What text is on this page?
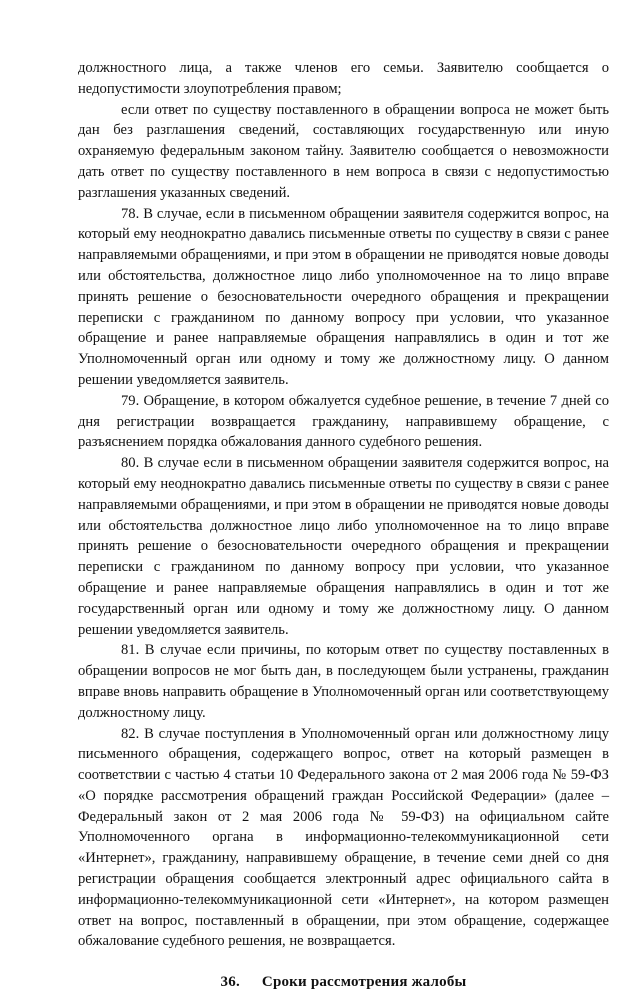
должностного лица, а также членов его семьи. Заявителю сообщается о недопустимости злоупотребления правом;

если ответ по существу поставленного в обращении вопроса не может быть дан без разглашения сведений, составляющих государственную или иную охраняемую федеральным законом тайну. Заявителю сообщается о невозможности дать ответ по существу поставленного в нем вопроса в связи с недопустимостью разглашения указанных сведений.

78. В случае, если в письменном обращении заявителя содержится вопрос, на который ему неоднократно давались письменные ответы по существу в связи с ранее направляемыми обращениями, и при этом в обращении не приводятся новые доводы или обстоятельства, должностное лицо либо уполномоченное на то лицо вправе принять решение о безосновательности очередного обращения и прекращении переписки с гражданином по данному вопросу при условии, что указанное обращение и ранее направляемые обращения направлялись в один и тот же Уполномоченный орган или одному и тому же должностному лицу. О данном решении уведомляется заявитель.

79. Обращение, в котором обжалуется судебное решение, в течение 7 дней со дня регистрации возвращается гражданину, направившему обращение, с разъяснением порядка обжалования данного судебного решения.

80. В случае если в письменном обращении заявителя содержится вопрос, на который ему неоднократно давались письменные ответы по существу в связи с ранее направляемыми обращениями, и при этом в обращении не приводятся новые доводы или обстоятельства должностное лицо либо уполномоченное на то лицо вправе принять решение о безосновательности очередного обращения и прекращении переписки с гражданином по данному вопросу при условии, что указанное обращение и ранее направляемые обращения направлялись в один и тот же государственный орган или одному и тому же должностному лицу. О данном решении уведомляется заявитель.

81. В случае если причины, по которым ответ по существу поставленных в обращении вопросов не мог быть дан, в последующем были устранены, гражданин вправе вновь направить обращение в Уполномоченный орган или соответствующему должностному лицу.

82. В случае поступления в Уполномоченный орган или должностному лицу письменного обращения, содержащего вопрос, ответ на который размещен в соответствии с частью 4 статьи 10 Федерального закона от 2 мая 2006 года № 59-ФЗ «О порядке рассмотрения обращений граждан Российской Федерации» (далее – Федеральный закон от 2 мая 2006 года № 59-ФЗ) на официальном сайте Уполномоченного органа в информационно-телекоммуникационной сети «Интернет», гражданину, направившему обращение, в течение семи дней со дня регистрации обращения сообщается электронный адрес официального сайта в информационно-телекоммуникационной сети «Интернет», на котором размещен ответ на вопрос, поставленный в обращении, при этом обращение, содержащее обжалование судебного решения, не возвращается.

36. Сроки рассмотрения жалобы
